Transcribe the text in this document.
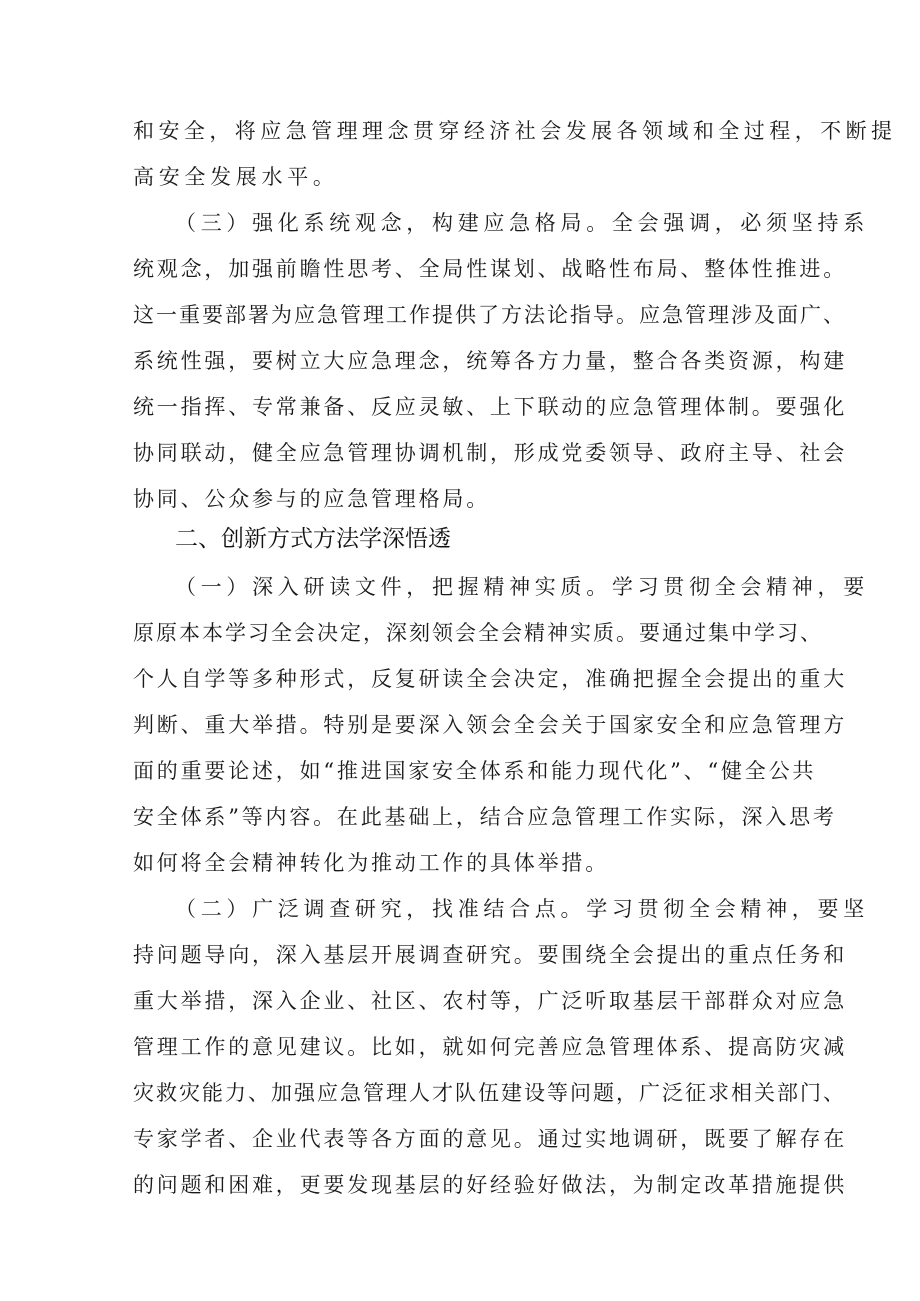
和安全，将应急管理理念贯穿经济社会发展各领域和全过程，不断提
高安全发展水平。
（三）强化系统观念，构建应急格局。全会强调，必须坚持系
统观念，加强前瞻性思考、全局性谋划、战略性布局、整体性推进。
这一重要部署为应急管理工作提供了方法论指导。应急管理涉及面广、
系统性强，要树立大应急理念，统筹各方力量，整合各类资源，构建
统一指挥、专常兼备、反应灵敏、上下联动的应急管理体制。要强化
协同联动，健全应急管理协调机制，形成党委领导、政府主导、社会
协同、公众参与的应急管理格局。
二、创新方式方法学深悟透
（一）深入研读文件，把握精神实质。学习贯彻全会精神，要
原原本本学习全会决定，深刻领会全会精神实质。要通过集中学习、
个人自学等多种形式，反复研读全会决定，准确把握全会提出的重大
判断、重大举措。特别是要深入领会全会关于国家安全和应急管理方
面的重要论述，如“推进国家安全体系和能力现代化”、“健全公共
安全体系”等内容。在此基础上，结合应急管理工作实际，深入思考
如何将全会精神转化为推动工作的具体举措。
（二）广泛调查研究，找准结合点。学习贯彻全会精神，要坚
持问题导向，深入基层开展调查研究。要围绕全会提出的重点任务和
重大举措，深入企业、社区、农村等，广泛听取基层干部群众对应急
管理工作的意见建议。比如，就如何完善应急管理体系、提高防灾减
灾救灾能力、加强应急管理人才队伍建设等问题，广泛征求相关部门、
专家学者、企业代表等各方面的意见。通过实地调研，既要了解存在
的问题和困难，更要发现基层的好经验好做法，为制定改革措施提供
